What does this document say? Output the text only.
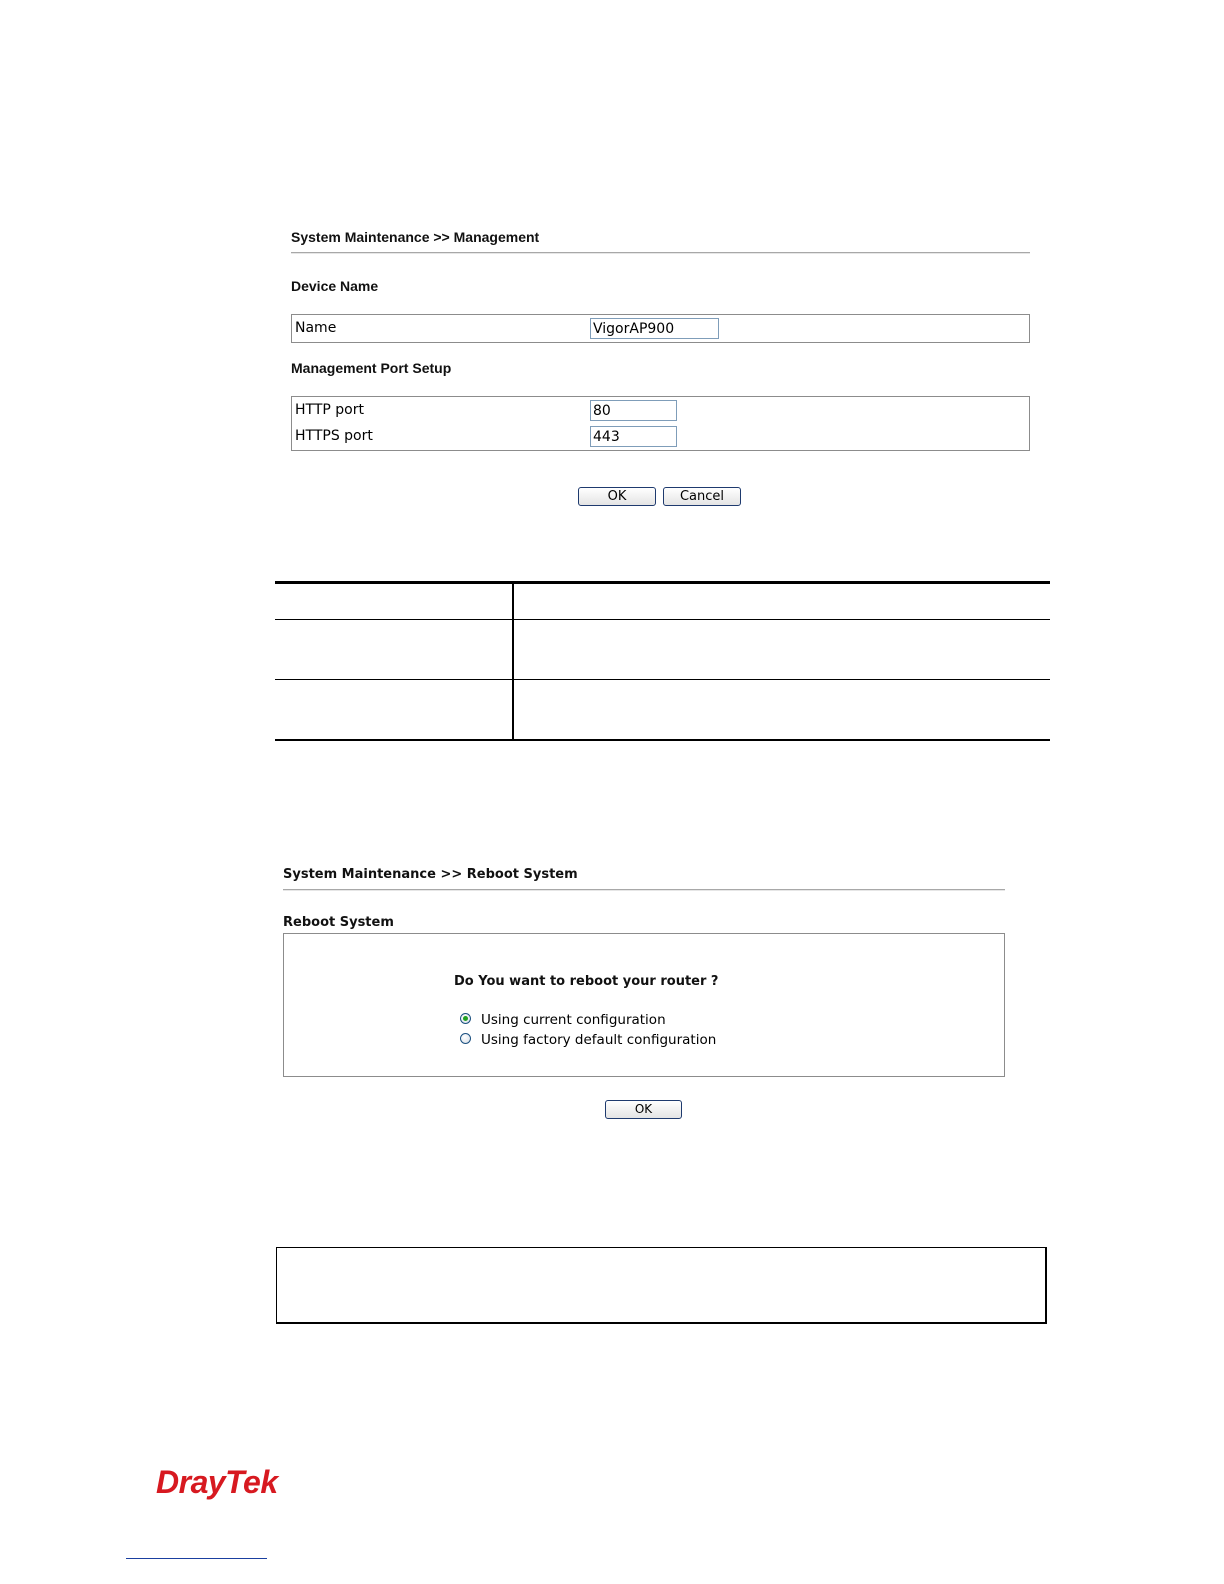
System Maintenance >> Management
Device Name
Name
VigorAP900
Management Port Setup
HTTP port
80
HTTPS port
443
OK	Cancel
System Maintenance >> Reboot System
Reboot System
Do You want to reboot your router ?
Using current configuration
Using factory default configuration
OK
DrayTek
